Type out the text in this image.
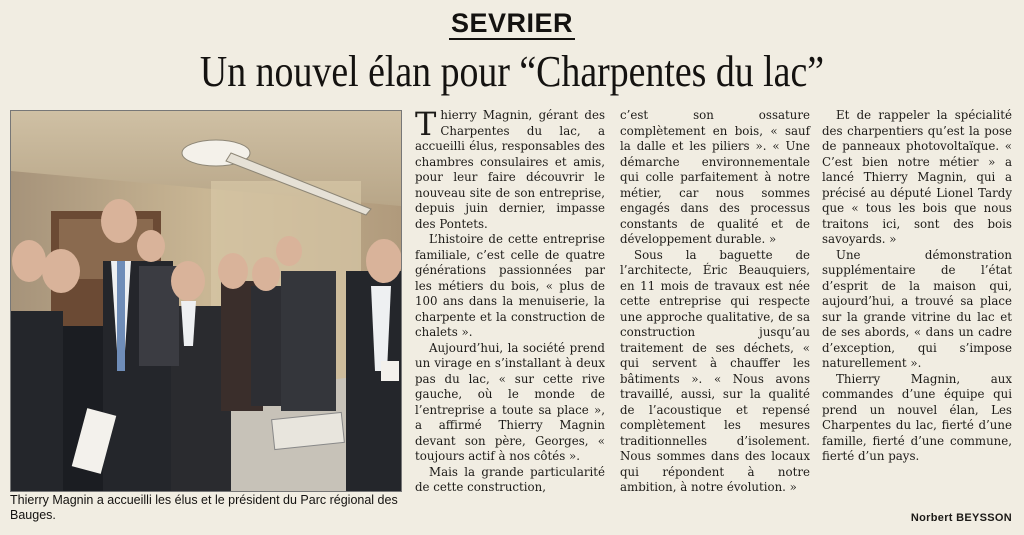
SEVRIER
Un nouvel élan pour “Charpentes du lac”
Thierry Magnin a accueilli les élus et le président du Parc régional des Bauges.

Thierry Magnin, gérant des Charpentes du lac, a accueilli élus, responsables des chambres consulaires et amis, pour leur faire découvrir le nouveau site de son entreprise, depuis juin dernier, impasse des Pontets.

L’histoire de cette entreprise familiale, c’est celle de quatre générations passionnées par les métiers du bois, « plus de 100 ans dans la menuiserie, la charpente et la construction de chalets ».

Aujourd’hui, la société prend un virage en s’installant à deux pas du lac, « sur cette rive gauche, où le monde de l’entreprise a toute sa place », a affirmé Thierry Magnin devant son père, Georges, « toujours actif à nos côtés ».

Mais la grande particularité de cette construction,

c’est son ossature complètement en bois, « sauf la dalle et les piliers ». « Une démarche environnementale qui colle parfaitement à notre métier, car nous sommes engagés dans des processus constants de qualité et de développement durable. »

Sous la baguette de l’architecte, Éric Beauquiers, en 11 mois de travaux est née cette entreprise qui respecte une approche qualitative, de sa construction jusqu’au traitement de ses déchets, « qui servent à chauffer les bâtiments ». « Nous avons travaillé, aussi, sur la qualité de l’acoustique et repensé complètement les mesures traditionnelles d’isolement. Nous sommes dans des locaux qui répondent à notre ambition, à notre évolution. »

Et de rappeler la spécialité des charpentiers qu’est la pose de panneaux photovoltaïque. « C’est bien notre métier » a lancé Thierry Magnin, qui a précisé au député Lionel Tardy que « tous les bois que nous traitons ici, sont des bois savoyards. »

Une démonstration supplémentaire de l’état d’esprit de la maison qui, aujourd’hui, a trouvé sa place sur la grande vitrine du lac et de ses abords, « dans un cadre d’exception, qui s’impose naturellement ».

Thierry Magnin, aux commandes d’une équipe qui prend un nouvel élan, Les Charpentes du lac, fierté d’une famille, fierté d’une commune, fierté d’un pays.

Norbert BEYSSON
